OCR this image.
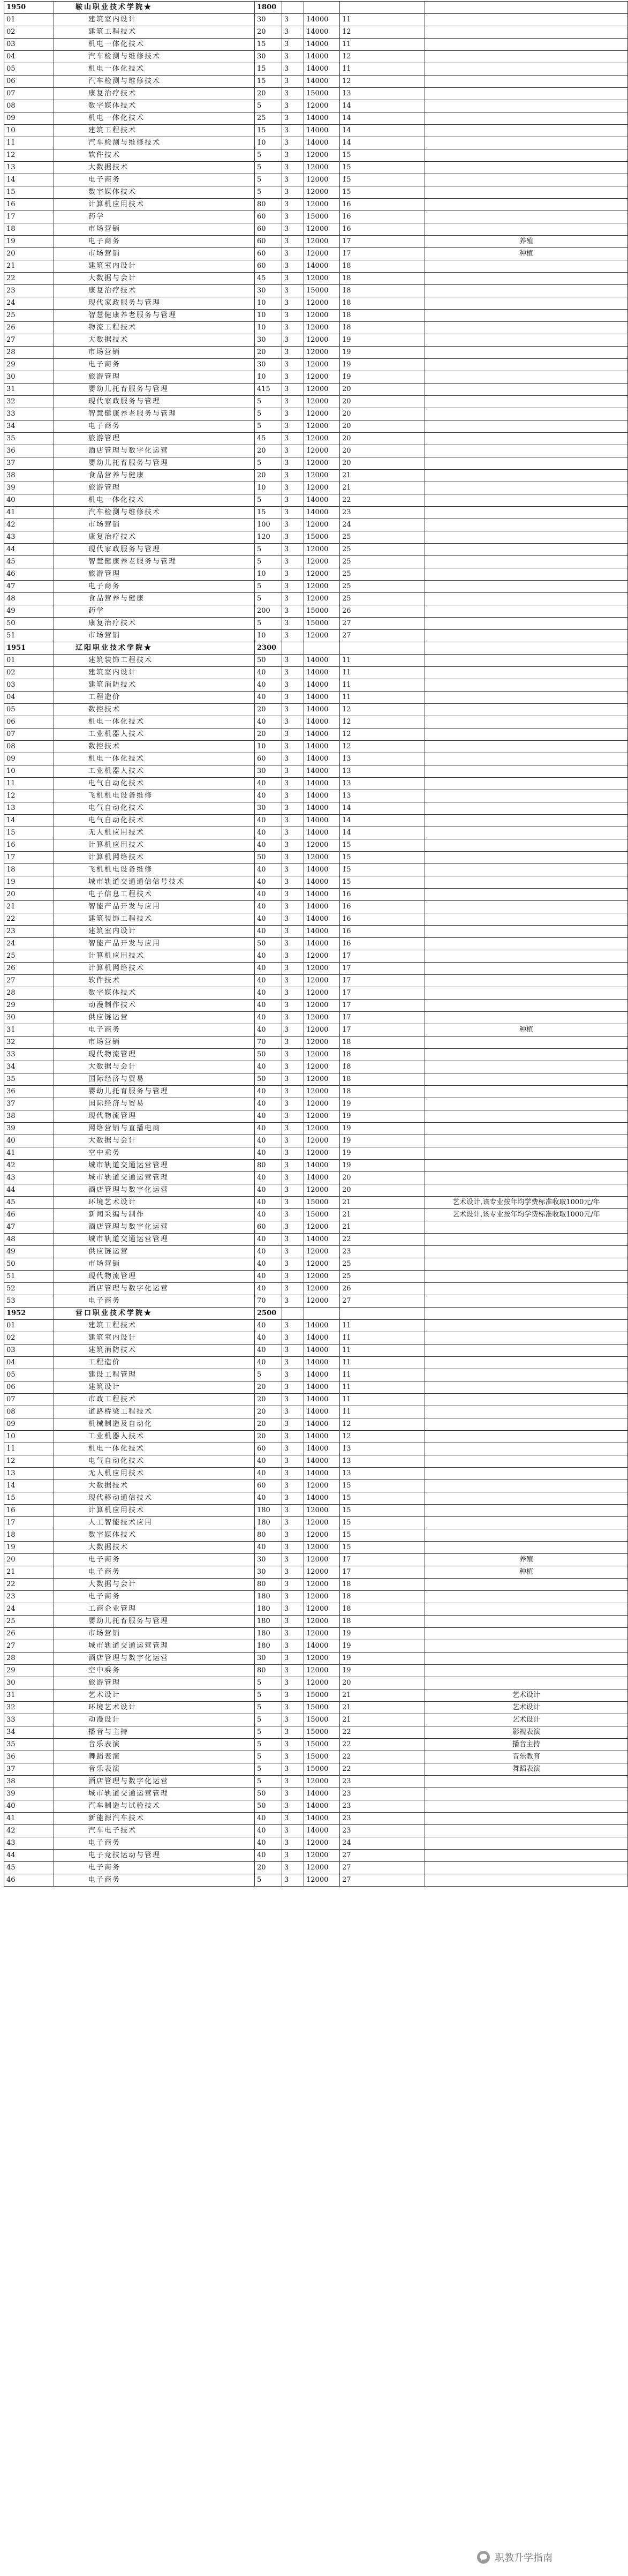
1950	鞍山职业技术学院★	1800				
01	建筑室内设计	30	3	14000	11	
02	建筑工程技术	20	3	14000	12	
03	机电一体化技术	15	3	14000	11	
04	汽车检测与维修技术	30	3	14000	12	
05	机电一体化技术	15	3	14000	11	
06	汽车检测与维修技术	15	3	14000	12	
07	康复治疗技术	20	3	15000	13	
08	数字媒体技术	5	3	12000	14	
09	机电一体化技术	25	3	14000	14	
10	建筑工程技术	15	3	14000	14	
11	汽车检测与维修技术	10	3	14000	14	
12	软件技术	5	3	12000	15	
13	大数据技术	5	3	12000	15	
14	电子商务	5	3	12000	15	
15	数字媒体技术	5	3	12000	15	
16	计算机应用技术	80	3	12000	16	
17	药学	60	3	15000	16	
18	市场营销	60	3	12000	16	
19	电子商务	60	3	12000	17	养殖
20	市场营销	60	3	12000	17	种植
21	建筑室内设计	60	3	14000	18	
22	大数据与会计	45	3	12000	18	
23	康复治疗技术	30	3	15000	18	
24	现代家政服务与管理	10	3	12000	18	
25	智慧健康养老服务与管理	10	3	12000	18	
26	物流工程技术	10	3	12000	18	
27	大数据技术	30	3	12000	19	
28	市场营销	20	3	12000	19	
29	电子商务	30	3	12000	19	
30	旅游管理	10	3	12000	19	
31	婴幼儿托育服务与管理	415	3	12000	20	
32	现代家政服务与管理	5	3	12000	20	
33	智慧健康养老服务与管理	5	3	12000	20	
34	电子商务	5	3	12000	20	
35	旅游管理	45	3	12000	20	
36	酒店管理与数字化运营	20	3	12000	20	
37	婴幼儿托育服务与管理	5	3	12000	20	
38	食品营养与健康	20	3	12000	21	
39	旅游管理	10	3	12000	21	
40	机电一体化技术	5	3	14000	22	
41	汽车检测与维修技术	15	3	14000	23	
42	市场营销	100	3	12000	24	
43	康复治疗技术	120	3	15000	25	
44	现代家政服务与管理	5	3	12000	25	
45	智慧健康养老服务与管理	5	3	12000	25	
46	旅游管理	10	3	12000	25	
47	电子商务	5	3	12000	25	
48	食品营养与健康	5	3	12000	25	
49	药学	200	3	15000	26	
50	康复治疗技术	5	3	15000	27	
51	市场营销	10	3	12000	27	
1951	辽阳职业技术学院★	2300				
01	建筑装饰工程技术	50	3	14000	11	
02	建筑室内设计	40	3	14000	11	
03	建筑消防技术	40	3	14000	11	
04	工程造价	40	3	14000	11	
05	数控技术	20	3	14000	12	
06	机电一体化技术	40	3	14000	12	
07	工业机器人技术	20	3	14000	12	
08	数控技术	10	3	14000	12	
09	机电一体化技术	60	3	14000	13	
10	工业机器人技术	30	3	14000	13	
11	电气自动化技术	40	3	14000	13	
12	飞机机电设备维修	40	3	14000	13	
13	电气自动化技术	30	3	14000	14	
14	电气自动化技术	40	3	14000	14	
15	无人机应用技术	40	3	14000	14	
16	计算机应用技术	40	3	12000	15	
17	计算机网络技术	50	3	12000	15	
18	飞机机电设备维修	40	3	14000	15	
19	城市轨道交通通信信号技术	40	3	14000	15	
20	电子信息工程技术	40	3	14000	16	
21	智能产品开发与应用	40	3	14000	16	
22	建筑装饰工程技术	40	3	14000	16	
23	建筑室内设计	40	3	14000	16	
24	智能产品开发与应用	50	3	14000	16	
25	计算机应用技术	40	3	12000	17	
26	计算机网络技术	40	3	12000	17	
27	软件技术	40	3	12000	17	
28	数字媒体技术	40	3	12000	17	
29	动漫制作技术	40	3	12000	17	
30	供应链运营	40	3	12000	17	
31	电子商务	40	3	12000	17	种植
32	市场营销	70	3	12000	18	
33	现代物流管理	50	3	12000	18	
34	大数据与会计	40	3	12000	18	
35	国际经济与贸易	50	3	12000	18	
36	婴幼儿托育服务与管理	40	3	12000	18	
37	国际经济与贸易	40	3	12000	19	
38	现代物流管理	40	3	12000	19	
39	网络营销与直播电商	40	3	12000	19	
40	大数据与会计	40	3	12000	19	
41	空中乘务	40	3	12000	19	
42	城市轨道交通运营管理	80	3	14000	19	
43	城市轨道交通运营管理	40	3	14000	20	
44	酒店管理与数字化运营	40	3	12000	20	
45	环境艺术设计	40	3	15000	21	艺术设计,该专业按年均学费标准收取1000元/年
46	新闻采编与制作	40	3	15000	21	艺术设计,该专业按年均学费标准收取1000元/年
47	酒店管理与数字化运营	60	3	12000	21	
48	城市轨道交通运营管理	40	3	14000	22	
49	供应链运营	40	3	12000	23	
50	市场营销	40	3	12000	25	
51	现代物流管理	40	3	12000	25	
52	酒店管理与数字化运营	40	3	12000	26	
53	电子商务	70	3	12000	27	
1952	营口职业技术学院★	2500				
01	建筑工程技术	40	3	14000	11	
02	建筑室内设计	40	3	14000	11	
03	建筑消防技术	40	3	14000	11	
04	工程造价	40	3	14000	11	
05	建设工程管理	5	3	14000	11	
06	建筑设计	20	3	14000	11	
07	市政工程技术	20	3	14000	11	
08	道路桥梁工程技术	20	3	14000	11	
09	机械制造及自动化	20	3	14000	12	
10	工业机器人技术	20	3	14000	12	
11	机电一体化技术	60	3	14000	13	
12	电气自动化技术	40	3	14000	13	
13	无人机应用技术	40	3	14000	13	
14	大数据技术	60	3	12000	15	
15	现代移动通信技术	40	3	14000	15	
16	计算机应用技术	180	3	12000	15	
17	人工智能技术应用	180	3	12000	15	
18	数字媒体技术	80	3	12000	15	
19	大数据技术	40	3	12000	15	
20	电子商务	30	3	12000	17	养殖
21	电子商务	30	3	12000	17	种植
22	大数据与会计	80	3	12000	18	
23	电子商务	180	3	12000	18	
24	工商企业管理	180	3	12000	18	
25	婴幼儿托育服务与管理	180	3	12000	18	
26	市场营销	180	3	12000	19	
27	城市轨道交通运营管理	180	3	14000	19	
28	酒店管理与数字化运营	30	3	12000	19	
29	空中乘务	80	3	12000	19	
30	旅游管理	5	3	12000	20	
31	艺术设计	5	3	15000	21	艺术设计
32	环境艺术设计	5	3	15000	21	艺术设计
33	动漫设计	5	3	15000	21	艺术设计
34	播音与主持	5	3	15000	22	影视表演
35	音乐表演	5	3	15000	22	播音主持
36	舞蹈表演	5	3	15000	22	音乐教育
37	音乐表演	5	3	15000	22	舞蹈表演
38	酒店管理与数字化运营	5	3	12000	23	
39	城市轨道交通运营管理	50	3	14000	23	
40	汽车制造与试验技术	50	3	14000	23	
41	新能源汽车技术	40	3	14000	23	
42	汽车电子技术	40	3	14000	23	
43	电子商务	40	3	12000	24	
44	电子竞技运动与管理	40	3	12000	27	
45	电子商务	20	3	12000	27	
46	电子商务	5	3	12000	27	
职教升学指南
